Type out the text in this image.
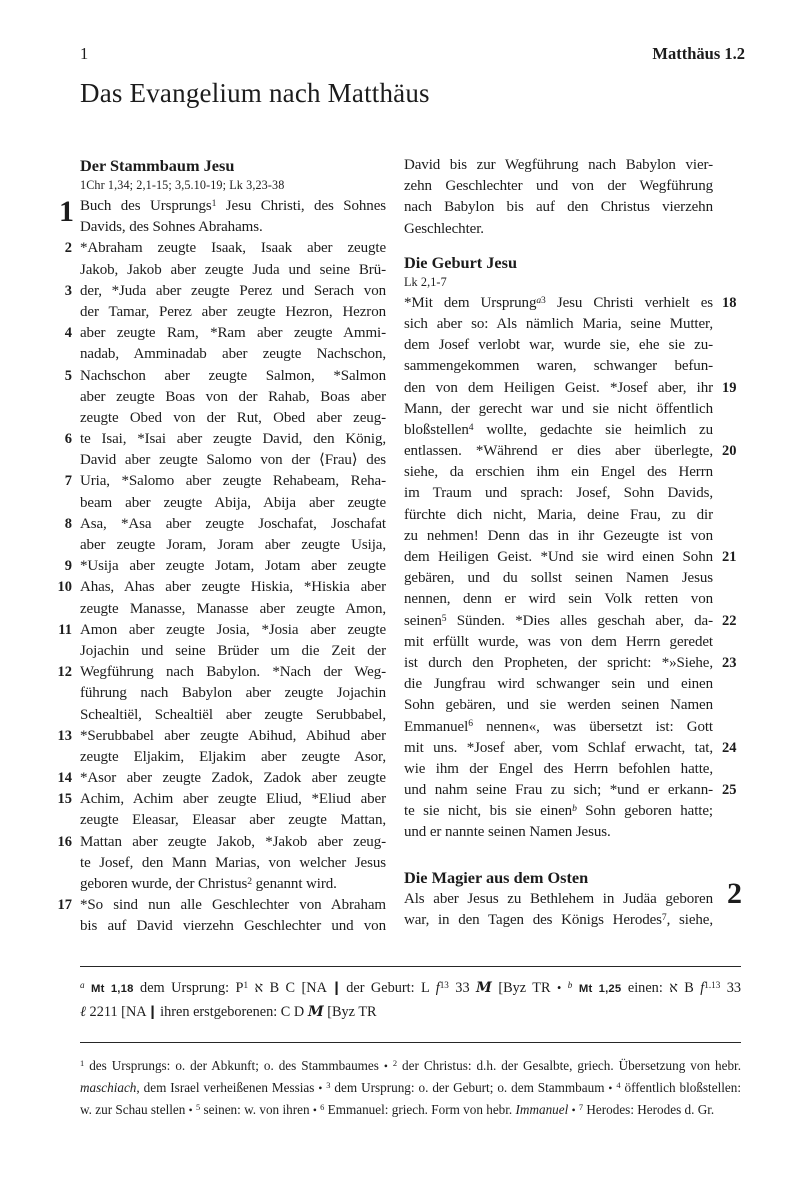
1	Matthäus 1.2
Das Evangelium nach Matthäus
Der Stammbaum Jesu
1Chr 1,34; 2,1-15; 3,5.10-19; Lk 3,23-38
1 Buch des Ursprungs$^1$ Jesu Christi, des Sohnes
Davids, des Sohnes Abrahams.
*Abraham zeugte Isaak, Isaak aber zeugte
2
Jakob, Jakob aber zeugte Juda und seine Brü-
der, *Juda aber zeugte Perez und Serach von
3
der Tamar, Perez aber zeugte Hezron, Hezron
aber zeugte Ram, *Ram aber zeugte Ammi-
4
nadab, Amminadab aber zeugte Nachschon,
Nachschon aber zeugte Salmon, *Salmon
5
aber zeugte Boas von der Rahab, Boas aber
zeugte Obed von der Rut, Obed aber zeug-
te Isai, *Isai aber zeugte David, den König,
6
David aber zeugte Salomo von der ⟨Frau⟩ des
Uria, *Salomo aber zeugte Rehabeam, Reha-
7
beam aber zeugte Abija, Abija aber zeugte
Asa, *Asa aber zeugte Joschafat, Joschafat
8
aber zeugte Joram, Joram aber zeugte Usija,
*Usija aber zeugte Jotam, Jotam aber zeugte
9
Ahas, Ahas aber zeugte Hiskia, *Hiskia aber
10
zeugte Manasse, Manasse aber zeugte Amon,
Amon aber zeugte Josia, *Josia aber zeugte
11
Jojachin und seine Brüder um die Zeit der
Wegführung nach Babylon. *Nach der Weg-
12
führung nach Babylon aber zeugte Jojachin
Schealtiël, Schealtiël aber zeugte Serubbabel,
*Serubbabel aber zeugte Abihud, Abihud aber
13
zeugte Eljakim, Eljakim aber zeugte Asor,
*Asor aber zeugte Zadok, Zadok aber zeugte
14
Achim, Achim aber zeugte Eliud, *Eliud aber
15
zeugte Eleasar, Eleasar aber zeugte Mattan,
Mattan aber zeugte Jakob, *Jakob aber zeug-
16
te Josef, den Mann Marias, von welcher Jesus
geboren wurde, der Christus$^2$ genannt wird.
*So sind nun alle Geschlechter von Abraham
17
bis auf David vierzehn Geschlechter und von
David bis zur Wegführung nach Babylon vier-
zehn Geschlechter und von der Wegführung
nach Babylon bis auf den Christus vierzehn
Geschlechter.
Die Geburt Jesu
Lk 2,1-7
*Mit dem Ursprung$^{a3}$ Jesu Christi verhielt es 18
sich aber so: Als nämlich Maria, seine Mutter,
dem Josef verlobt war, wurde sie, ehe sie zu-
sammengekommen waren, schwanger befun-
den von dem Heiligen Geist. *Josef aber, ihr 19
Mann, der gerecht war und sie nicht öffentlich
bloßstellen$^4$ wollte, gedachte sie heimlich zu
entlassen. *Während er dies aber überlegte, 20
siehe, da erschien ihm ein Engel des Herrn
im Traum und sprach: Josef, Sohn Davids,
fürchte dich nicht, Maria, deine Frau, zu dir
zu nehmen! Denn das in ihr Gezeugte ist von
dem Heiligen Geist. *Und sie wird einen Sohn 21
gebären, und du sollst seinen Namen Jesus
nennen, denn er wird sein Volk retten von
seinen$^5$ Sünden. *Dies alles geschah aber, da- 22
mit erfüllt wurde, was von dem Herrn geredet
ist durch den Propheten, der spricht: *»Siehe, 23
die Jungfrau wird schwanger sein und einen
Sohn gebären, und sie werden seinen Namen
Emmanuel$^6$ nennen«, was übersetzt ist: Gott
mit uns. *Josef aber, vom Schlaf erwacht, tat, 24
wie ihm der Engel des Herrn befohlen hatte,
und nahm seine Frau zu sich; *und er erkann- 25
te sie nicht, bis sie einen$^b$ Sohn geboren hatte;
und er nannte seinen Namen Jesus.
Die Magier aus dem Osten
Als aber Jesus zu Bethlehem in Judäa geboren
war, in den Tagen des Königs Herodes$^7$, siehe,
2
$^a$ Mt 1,18 dem Ursprung: $P^1$ א B C [NA | der Geburt: L $f^{13}$ 33 M [Byz TR • $^b$ Mt 1,25 einen: א B $f^{1.13}$ 33
ℓ 2211 [NA | ihren erstgeborenen: C D M [Byz TR
$^1$ des Ursprungs: o. der Abkunft; o. des Stammbaumes • $^2$ der Christus: d.h. der Gesalbte, griech. Übersetzung von hebr. maschiach, dem Israel verheißenen Messias • $^3$ dem Ursprung: o. der Geburt; o. dem Stammbaum • $^4$ öffentlich bloßstellen: w. zur Schau stellen • $^5$ seinen: w. von ihren • $^6$ Emmanuel: griech. Form von hebr. Immanuel • $^7$ Herodes: Herodes d. Gr.
